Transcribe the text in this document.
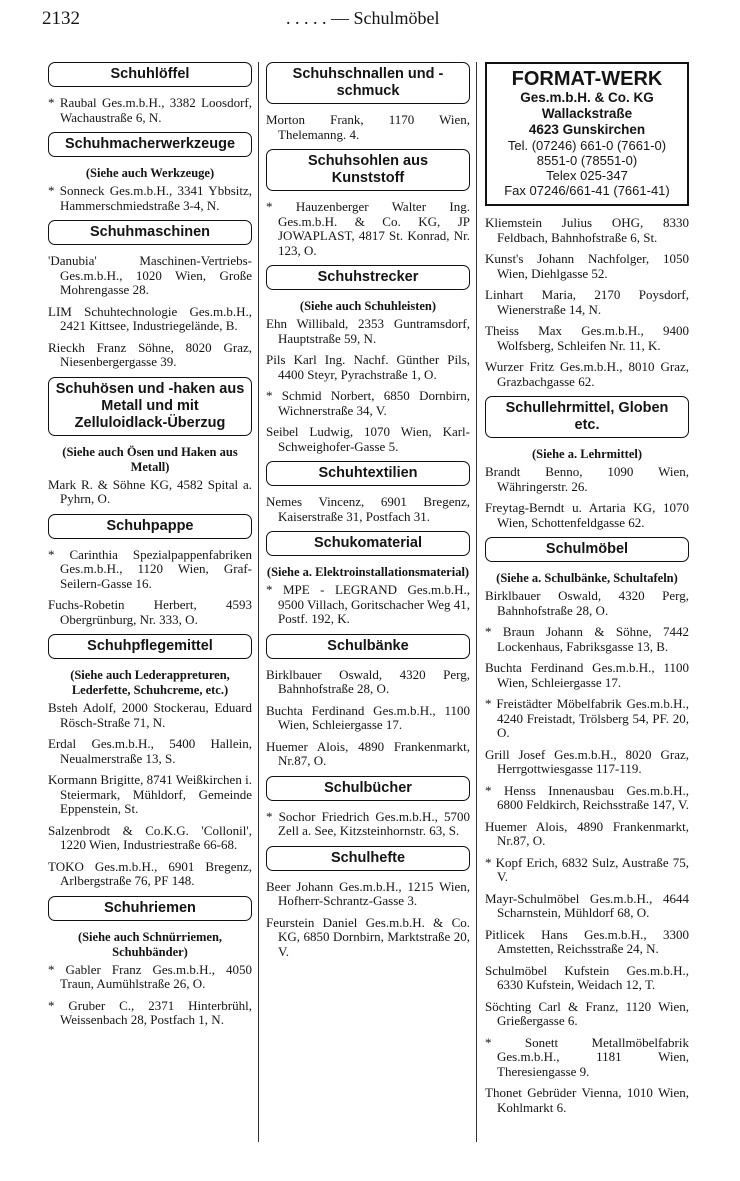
2132	. . . . . — Schulmöbel
Schuhlöffel
* Raubal Ges.m.b.H., 3382 Loosdorf, Wachaustraße 6, N.
Schuhmacherwerkzeuge
(Siehe auch Werkzeuge)
* Sonneck Ges.m.b.H., 3341 Ybbsitz, Hammerschmiedstraße 3-4, N.
Schuhmaschinen
'Danubia' Maschinen-Vertriebs-Ges.m.b.H., 1020 Wien, Große Mohrengasse 28.
LIM Schuhtechnologie Ges.m.b.H., 2421 Kittsee, Industriegelände, B.
Rieckh Franz Söhne, 8020 Graz, Niesenbergergasse 39.
Schuhösen und -haken aus Metall und mit Zelluloidlack-Überzug
(Siehe auch Ösen und Haken aus Metall)
Mark R. & Söhne KG, 4582 Spital a. Pyhrn, O.
Schuhpappe
* Carinthia Spezialpappenfabriken Ges.m.b.H., 1120 Wien, Graf-Seilern-Gasse 16.
Fuchs-Robetin Herbert, 4593 Obergrünburg, Nr. 333, O.
Schuhpflegemittel
(Siehe auch Lederappreturen, Lederfette, Schuhcreme, etc.)
Bsteh Adolf, 2000 Stockerau, Eduard Rösch-Straße 71, N.
Erdal Ges.m.b.H., 5400 Hallein, Neualmerstraße 13, S.
Kormann Brigitte, 8741 Weißkirchen i. Steiermark, Mühldorf, Gemeinde Eppenstein, St.
Salzenbrodt & Co.K.G. 'Collonil', 1220 Wien, Industriestraße 66-68.
TOKO Ges.m.b.H., 6901 Bregenz, Arlbergstraße 76, PF 148.
Schuhriemen
(Siehe auch Schnürriemen, Schuhbänder)
* Gabler Franz Ges.m.b.H., 4050 Traun, Aumühlstraße 26, O.
* Gruber C., 2371 Hinterbrühl, Weissenbach 28, Postfach 1, N.
Schuhschnallen und -schmuck
Morton Frank, 1170 Wien, Thelemanng. 4.
Schuhsohlen aus Kunststoff
* Hauzenberger Walter Ing. Ges.m.b.H. & Co. KG, JP JOWAPLAST, 4817 St. Konrad, Nr. 123, O.
Schuhstrecker
(Siehe auch Schuhleisten)
Ehn Willibald, 2353 Guntramsdorf, Hauptstraße 59, N.
Pils Karl Ing. Nachf. Günther Pils, 4400 Steyr, Pyrachstraße 1, O.
* Schmid Norbert, 6850 Dornbirn, Wichnerstraße 34, V.
Seibel Ludwig, 1070 Wien, Karl-Schweighofer-Gasse 5.
Schuhtextilien
Nemes Vincenz, 6901 Bregenz, Kaiserstraße 31, Postfach 31.
Schukomaterial
(Siehe a. Elektroinstallationsmaterial)
* MPE - LEGRAND Ges.m.b.H., 9500 Villach, Goritschacher Weg 41, Postf. 192, K.
Schulbänke
Birklbauer Oswald, 4320 Perg, Bahnhofstraße 28, O.
Buchta Ferdinand Ges.m.b.H., 1100 Wien, Schleiergasse 17.
Huemer Alois, 4890 Frankenmarkt, Nr.87, O.
Schulbücher
* Sochor Friedrich Ges.m.b.H., 5700 Zell a. See, Kitzsteinhornstr. 63, S.
Schulhefte
Beer Johann Ges.m.b.H., 1215 Wien, Hofherr-Schrantz-Gasse 3.
Feurstein Daniel Ges.m.b.H. & Co. KG, 6850 Dornbirn, Marktstraße 20, V.
FORMAT-WERK
Ges.m.b.H. & Co. KG
Wallackstraße
4623 Gunskirchen
Tel. (07246) 661-0 (7661-0)
8551-0 (78551-0)
Telex 025-347
Fax 07246/661-41 (7661-41)
Kliemstein Julius OHG, 8330 Feldbach, Bahnhofstraße 6, St.
Kunst's Johann Nachfolger, 1050 Wien, Diehlgasse 52.
Linhart Maria, 2170 Poysdorf, Wienerstraße 14, N.
Theiss Max Ges.m.b.H., 9400 Wolfsberg, Schleifen Nr. 11, K.
Wurzer Fritz Ges.m.b.H., 8010 Graz, Grazbachgasse 62.
Schullehrmittel, Globen etc.
(Siehe a. Lehrmittel)
Brandt Benno, 1090 Wien, Währingerstr. 26.
Freytag-Berndt u. Artaria KG, 1070 Wien, Schottenfeldgasse 62.
Schulmöbel
(Siehe a. Schulbänke, Schultafeln)
Birklbauer Oswald, 4320 Perg, Bahnhofstraße 28, O.
* Braun Johann & Söhne, 7442 Lockenhaus, Fabriksgasse 13, B.
Buchta Ferdinand Ges.m.b.H., 1100 Wien, Schleiergasse 17.
* Freistädter Möbelfabrik Ges.m.b.H., 4240 Freistadt, Trölsberg 54, PF. 20, O.
Grill Josef Ges.m.b.H., 8020 Graz, Herrgottwiesgasse 117-119.
* Henss Innenausbau Ges.m.b.H., 6800 Feldkirch, Reichsstraße 147, V.
Huemer Alois, 4890 Frankenmarkt, Nr.87, O.
* Kopf Erich, 6832 Sulz, Austraße 75, V.
Mayr-Schulmöbel Ges.m.b.H., 4644 Scharnstein, Mühldorf 68, O.
Pitlicek Hans Ges.m.b.H., 3300 Amstetten, Reichsstraße 24, N.
Schulmöbel Kufstein Ges.m.b.H., 6330 Kufstein, Weidach 12, T.
Söchting Carl & Franz, 1120 Wien, Grießergasse 6.
* Sonett Metallmöbelfabrik Ges.m.b.H., 1181 Wien, Theresiengasse 9.
Thonet Gebrüder Vienna, 1010 Wien, Kohlmarkt 6.
